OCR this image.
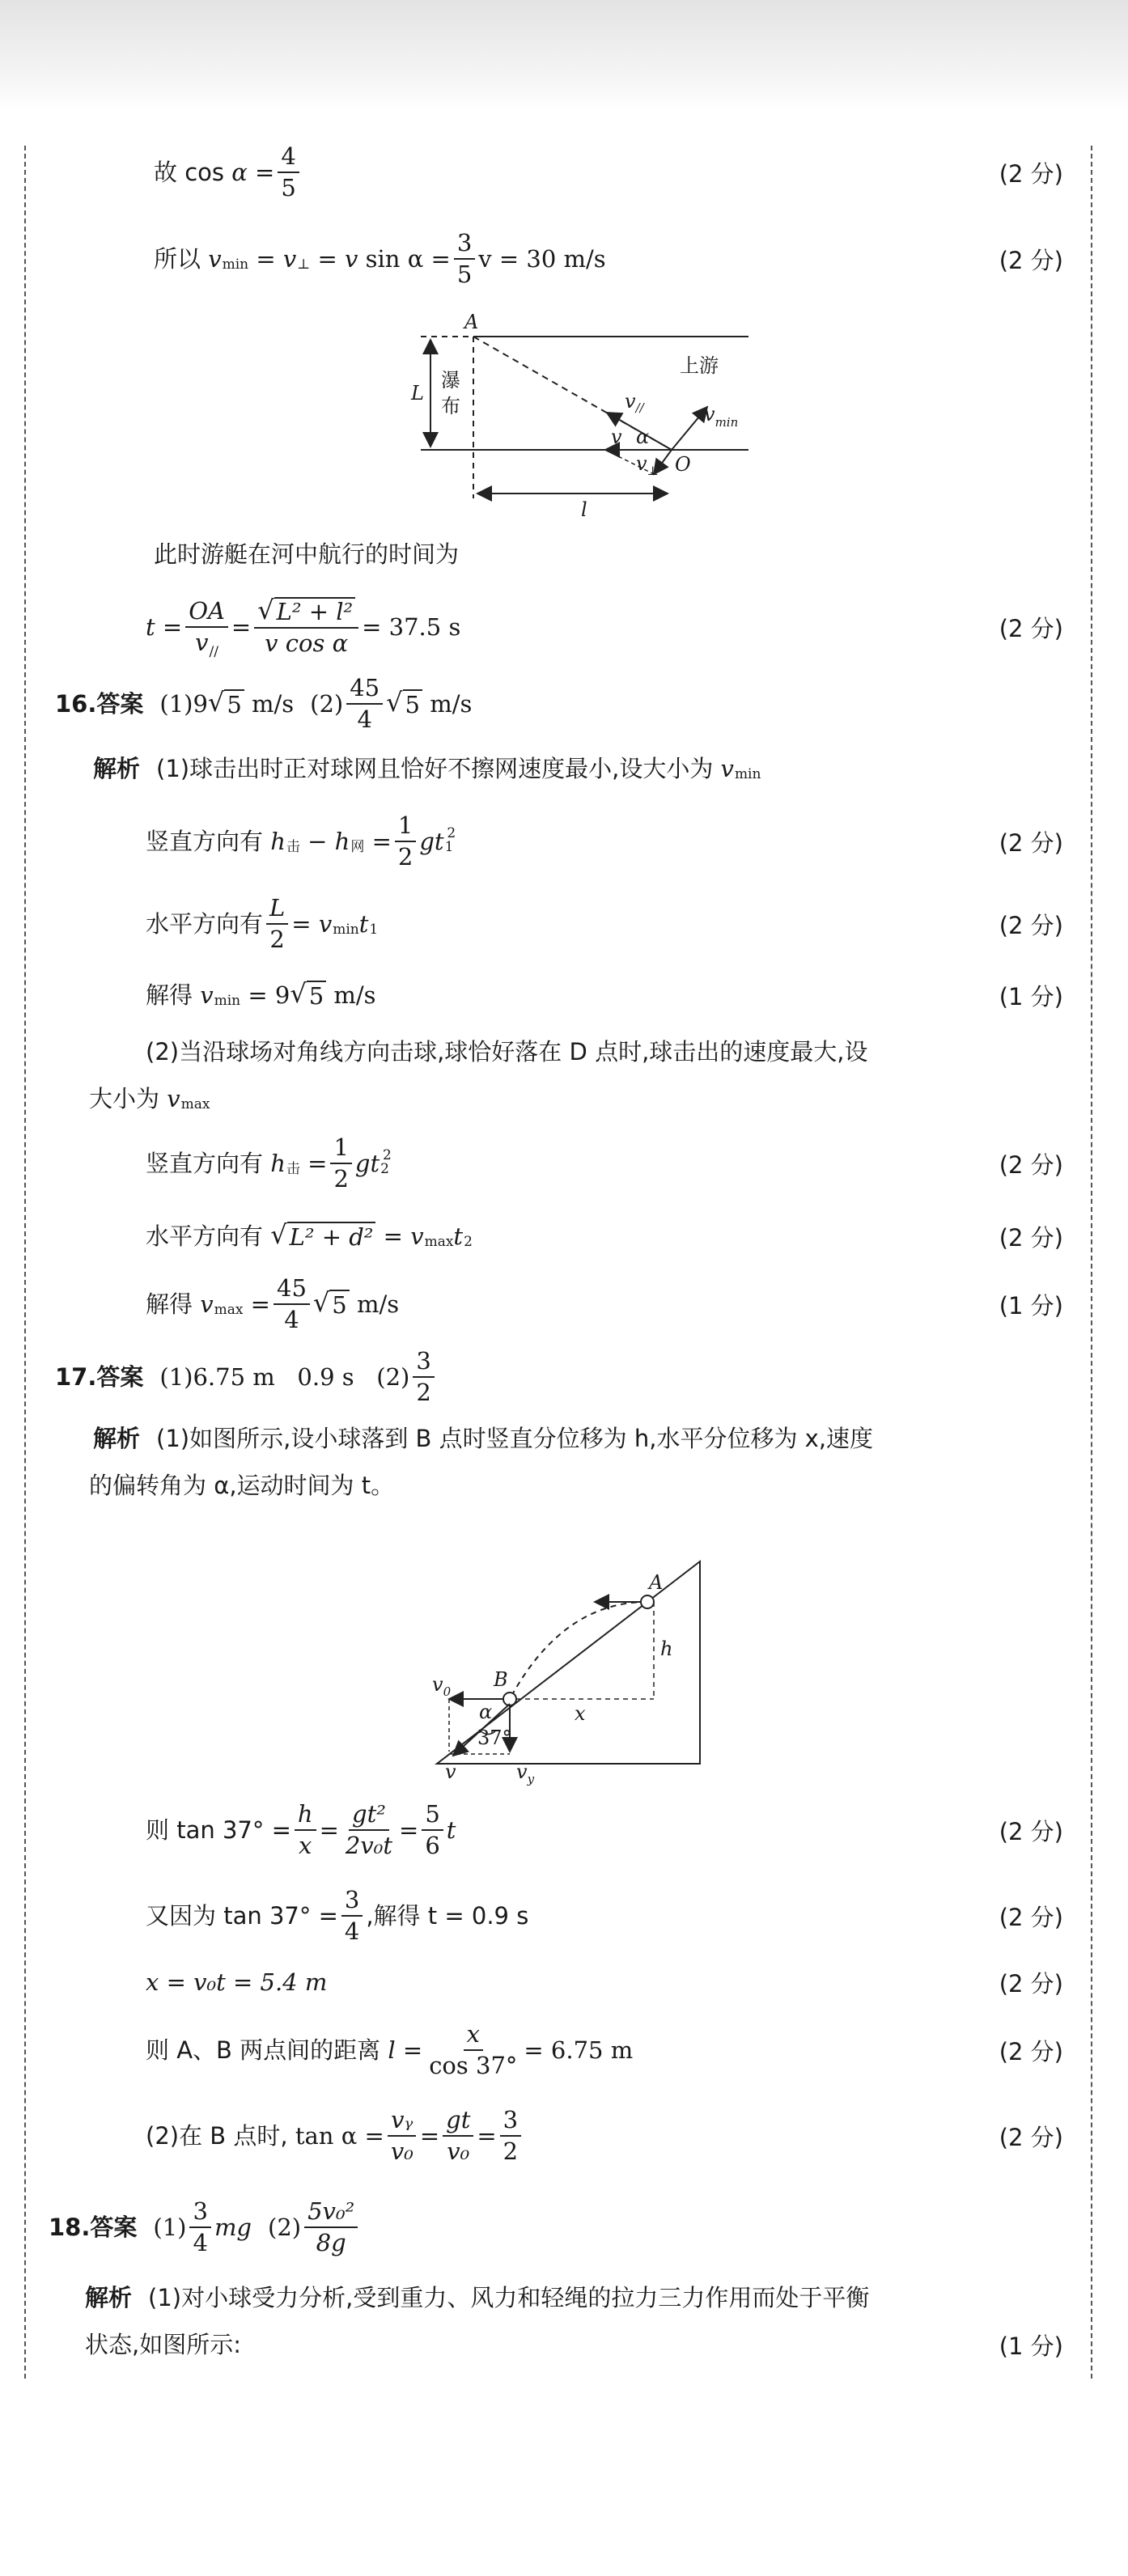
故 cos
$\alpha = \frac{4}{5}$	(2 分)
所以
v min = v ⊥ = v
$\sin \alpha = \frac{3}{5}$ v = 30 m/s	(2 分)
A
L
瀑
布
上游
$v_{//}$
v α
$v_{min}$
$v_\perp$ O
l
此时游艇在河中航行的时间为
$t = \frac{OA}{v_{//}} = \frac{\text{√ L² + l²}}{\text{v cos α}} = 37.5$ s	(2 分)
16. 答案 (1)9 √ 5
m/s $(2) \frac{45}{4}$ √ 5
m/s
解析 (1)球击出时正对球网且恰好不擦网速度最小,设大小为
v min
竖直方向有
h 击 − h 网 = $\frac{1}{2}$ gt 1
2	(2 分)
水平方向有 $\frac{L}{2} = v$ min t 1	(2 分)
解得
v min
= 9 √ 5
m/s	(1 分)
(2)当沿球场对角线方向击球,球恰好落在 D 点时,球击出的速度最大,设
大小为
v max
竖直方向有
h 击 = $\frac{1}{2}$ gt 2
2	(2 分)
水平方向有
√ L² + d² = v max t 2	(2 分)
解得
v $\max = \frac{45}{4}$ √ 5
m/s	(1 分)
17. 答案 (1)6.75 m   0.9 s   $(2) \frac{3}{2}$
解析 (1)如图所示,设小球落到 B 点时竖直分位移为 h,水平分位移为 x,速度
的偏转角为 α,运动时间为 t。
A
B
h
x
$v_0$
α
37°
v	$v_y$
则 $\tan 37^\circ = \frac{h}{x} = \frac{\text{gt²}}{\text{2v₀t}} = \frac{5}{6}$ t	(2 分)
又因为 $\tan 37^\circ = \frac{3}{4}$ ,解得 t = 0.9 s	(2 分)
x = v₀t = 5.4 m	(2 分)
则 A、B 两点间的距离
$l = \frac{x}{\cos 37^\circ} = 6.75$ m	(2 分)
(2)在 B 点时,
$\tan \alpha = \frac{\text{vᵧ}}{\text{v₀}} = \frac{gt}{\text{v₀}} = \frac{3}{2}$	(2 分)
18. 答案 $(1) \frac{3}{4}$ mg $(2) \frac{\text{5v₀²}}{8g}$
解析 (1)对小球受力分析,受到重力、风力和轻绳的拉力三力作用而处于平衡
状态,如图所示:	(1 分)
